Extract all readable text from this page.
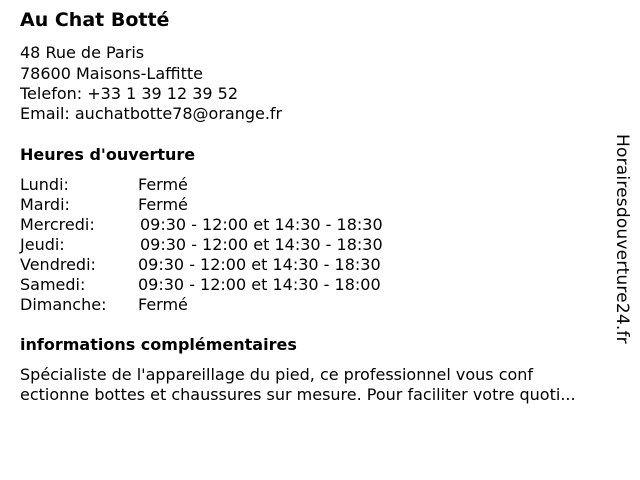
Au Chat Botté
48 Rue de Paris
78600 Maisons-Laffitte
Telefon: +33 1 39 12 39 52
Email: auchatbotte78@orange.fr
Heures d'ouverture
Lundi:	Fermé
Mardi:	Fermé
Mercredi:	09:30 - 12:00 et 14:30 - 18:30
Jeudi:	09:30 - 12:00 et 14:30 - 18:30
Vendredi:	09:30 - 12:00 et 14:30 - 18:30
Samedi:	09:30 - 12:00 et 14:30 - 18:00
Dimanche: Fermé
informations complémentaires
Spécialiste de l'appareillage du pied, ce professionnel vous conf
ectionne bottes et chaussures sur mesure. Pour faciliter votre quoti...
Horairesdouverture24.fr
